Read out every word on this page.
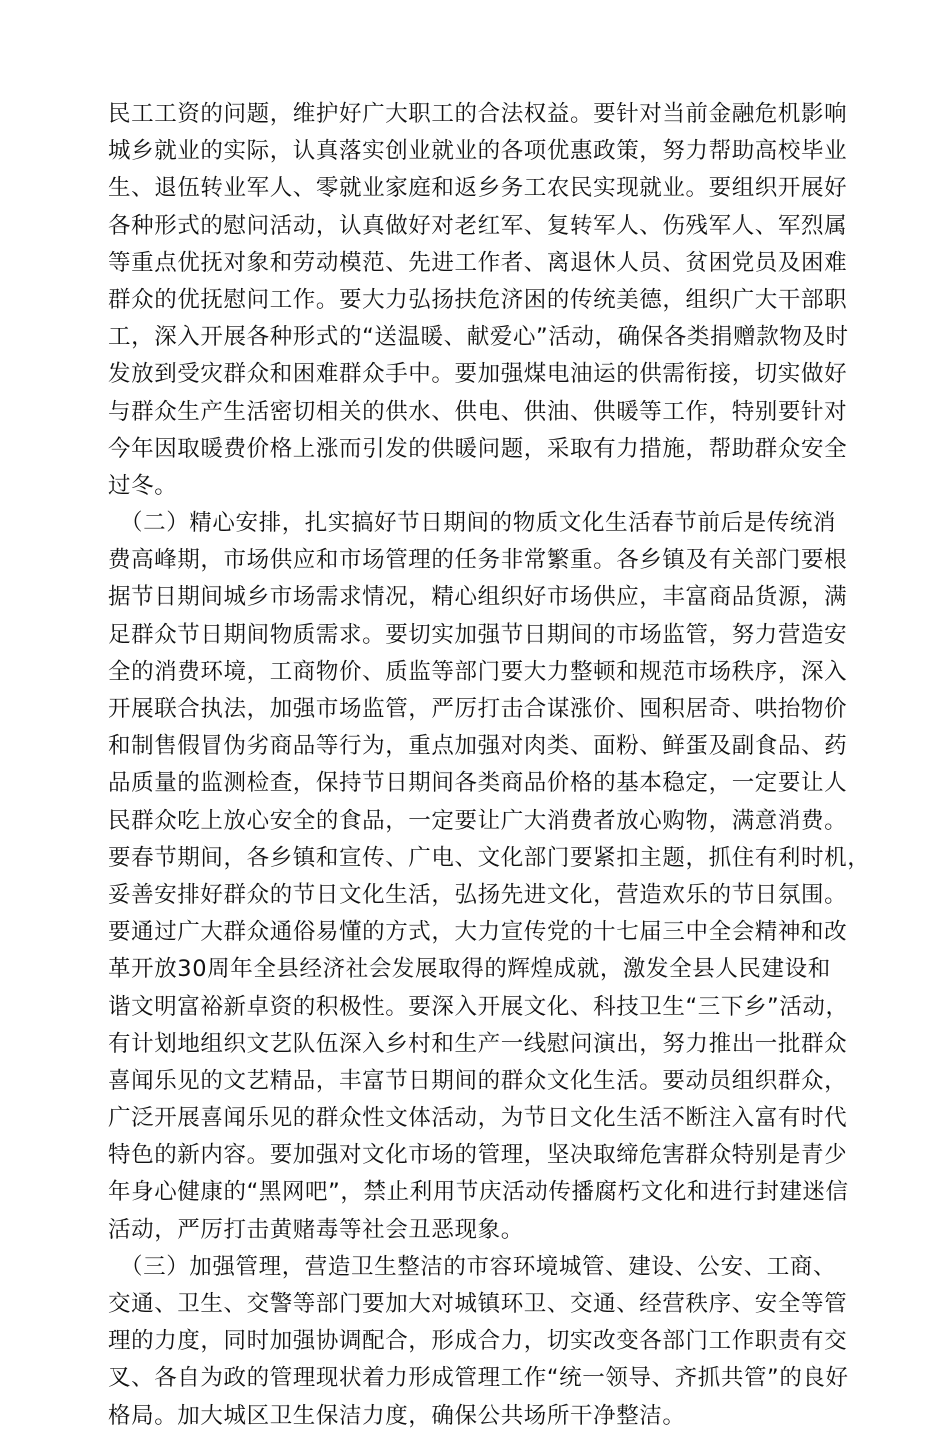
民工工资的问题，维护好广大职工的合法权益。要针对当前金融危机影响
城乡就业的实际，认真落实创业就业的各项优惠政策，努力帮助高校毕业
生、退伍转业军人、零就业家庭和返乡务工农民实现就业。要组织开展好
各种形式的慰问活动，认真做好对老红军、复转军人、伤残军人、军烈属
等重点优抚对象和劳动模范、先进工作者、离退休人员、贫困党员及困难
群众的优抚慰问工作。要大力弘扬扶危济困的传统美德，组织广大干部职
工，深入开展各种形式的“送温暖、献爱心”活动，确保各类捐赠款物及时
发放到受灾群众和困难群众手中。要加强煤电油运的供需衔接，切实做好
与群众生产生活密切相关的供水、供电、供油、供暖等工作，特别要针对
今年因取暖费价格上涨而引发的供暖问题，采取有力措施，帮助群众安全
过冬。
（二）精心安排，扎实搞好节日期间的物质文化生活春节前后是传统消
费高峰期，市场供应和市场管理的任务非常繁重。各乡镇及有关部门要根
据节日期间城乡市场需求情况，精心组织好市场供应，丰富商品货源，满
足群众节日期间物质需求。要切实加强节日期间的市场监管，努力营造安
全的消费环境，工商物价、质监等部门要大力整顿和规范市场秩序，深入
开展联合执法，加强市场监管，严厉打击合谋涨价、囤积居奇、哄抬物价
和制售假冒伪劣商品等行为，重点加强对肉类、面粉、鲜蛋及副食品、药
品质量的监测检查，保持节日期间各类商品价格的基本稳定，一定要让人
民群众吃上放心安全的食品，一定要让广大消费者放心购物，满意消费。
要春节期间，各乡镇和宣传、广电、文化部门要紧扣主题，抓住有利时机，
妥善安排好群众的节日文化生活，弘扬先进文化，营造欢乐的节日氛围。
要通过广大群众通俗易懂的方式，大力宣传党的十七届三中全会精神和改
革开放30周年全县经济社会发展取得的辉煌成就，激发全县人民建设和
谐文明富裕新卓资的积极性。要深入开展文化、科技卫生“三下乡”活动，
有计划地组织文艺队伍深入乡村和生产一线慰问演出，努力推出一批群众
喜闻乐见的文艺精品，丰富节日期间的群众文化生活。要动员组织群众，
广泛开展喜闻乐见的群众性文体活动，为节日文化生活不断注入富有时代
特色的新内容。要加强对文化市场的管理，坚决取缔危害群众特别是青少
年身心健康的“黑网吧”，禁止利用节庆活动传播腐朽文化和进行封建迷信
活动，严厉打击黄赌毒等社会丑恶现象。
（三）加强管理，营造卫生整洁的市容环境城管、建设、公安、工商、
交通、卫生、交警等部门要加大对城镇环卫、交通、经营秩序、安全等管
理的力度，同时加强协调配合，形成合力，切实改变各部门工作职责有交
叉、各自为政的管理现状着力形成管理工作“统一领导、齐抓共管”的良好
格局。加大城区卫生保洁力度，确保公共场所干净整洁。
